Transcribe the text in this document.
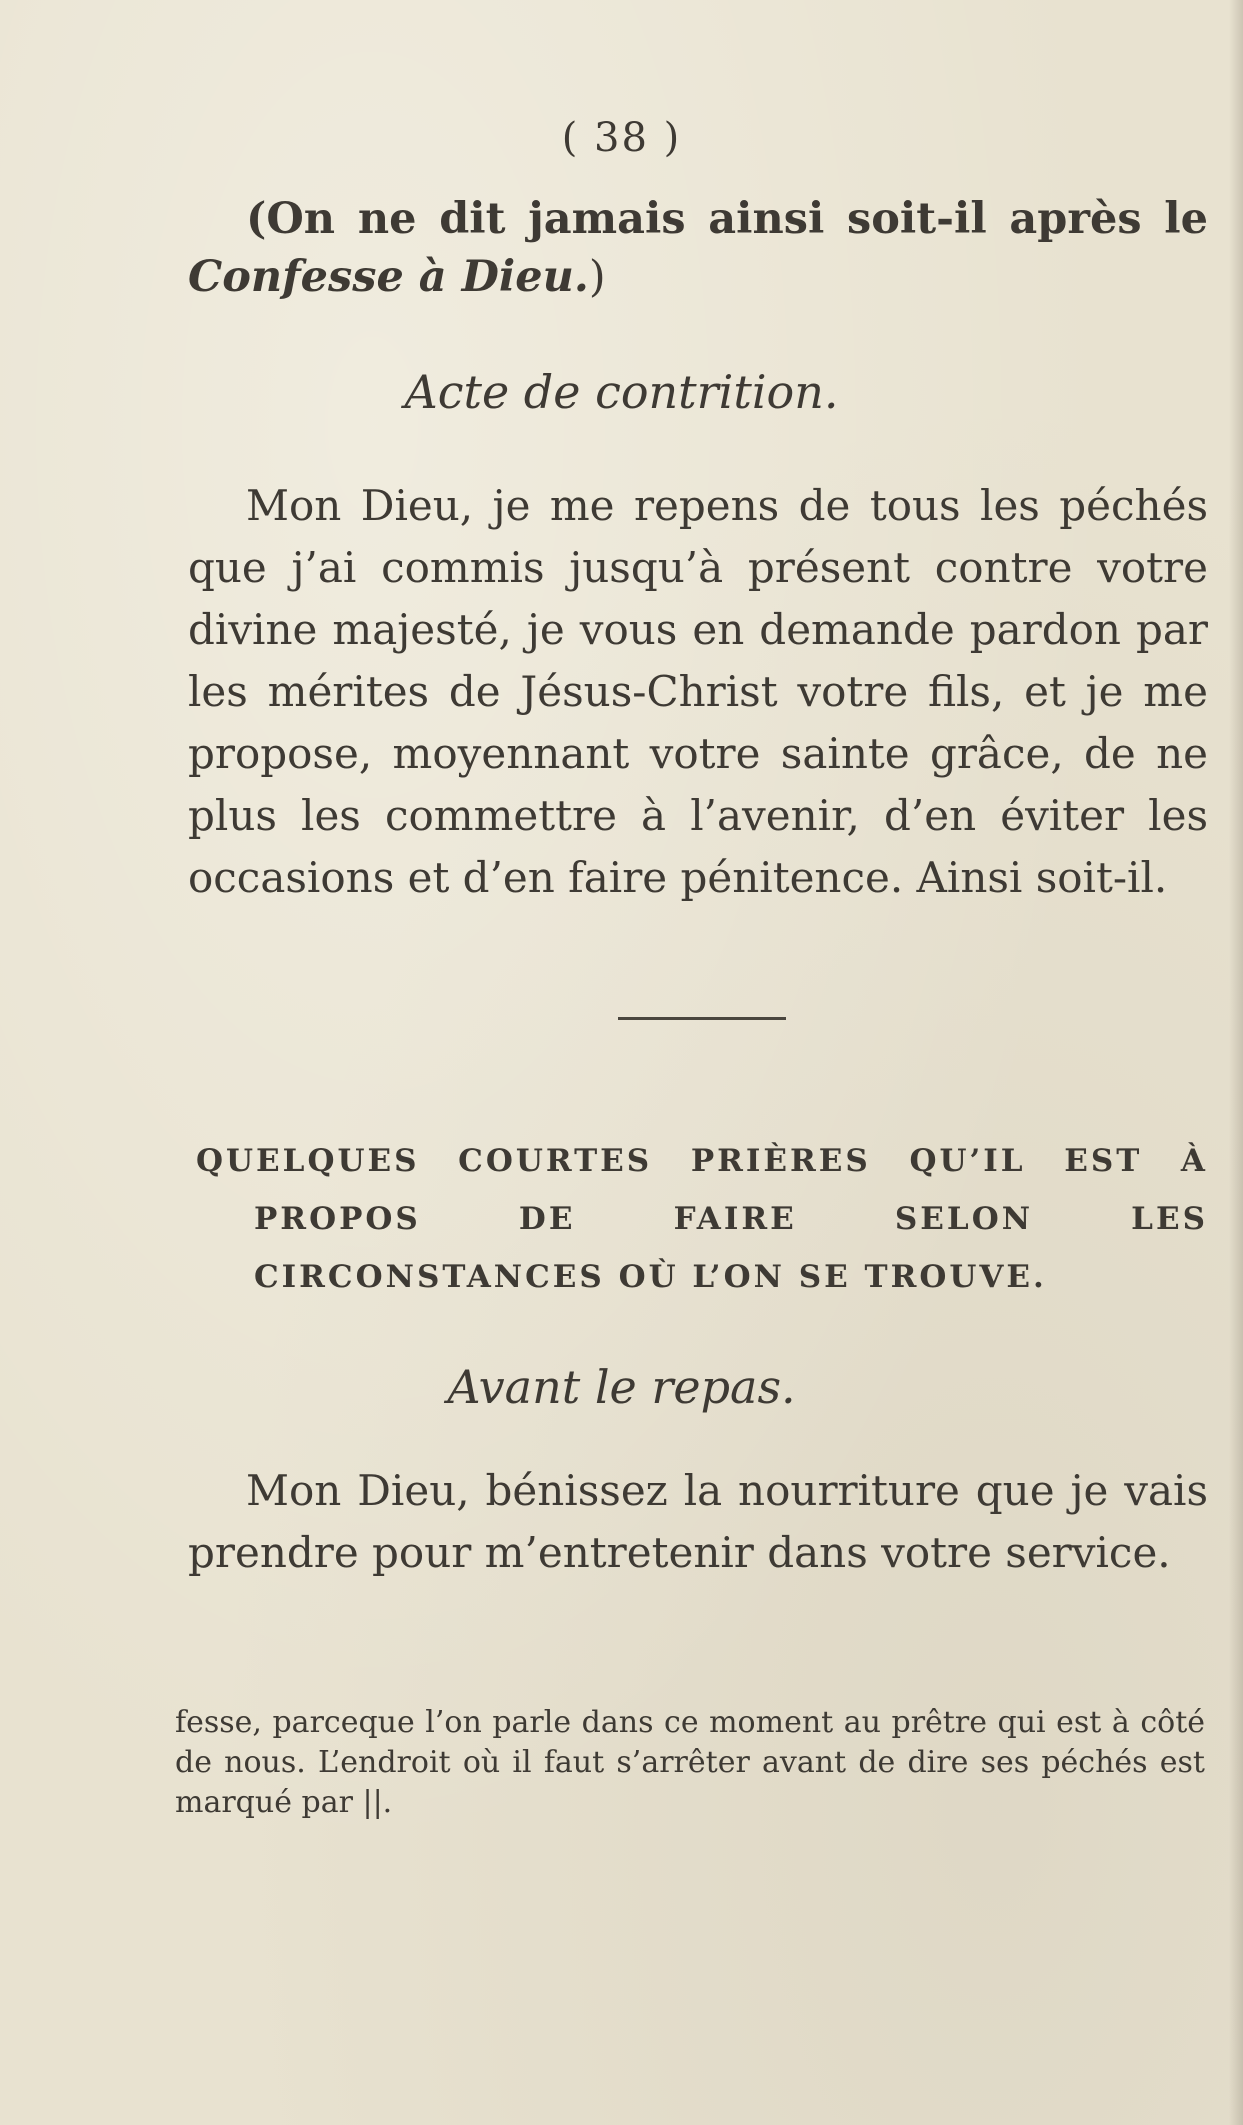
( 38 )
(On ne dit jamais ainsi soit-il après le Confesse à Dieu.)
Acte de contrition.
Mon Dieu, je me repens de tous les péchés que j’ai commis jusqu’à présent contre votre divine majesté, je vous en demande pardon par les mérites de Jésus-Christ votre fils, et je me propose, moyennant votre sainte grâce, de ne plus les commettre à l’avenir, d’en éviter les occasions et d’en faire pénitence. Ainsi soit-il.
QUELQUES COURTES PRIÈRES QU’IL EST À PROPOS DE FAIRE SELON LES CIRCONSTANCES OÙ L’ON SE TROUVE.
Avant le repas.
Mon Dieu, bénissez la nourriture que je vais prendre pour m’entretenir dans votre service.
fesse, parceque l’on parle dans ce moment au prêtre qui est à côté de nous. L’endroit où il faut s’arrêter avant de dire ses péchés est marqué par ||.
